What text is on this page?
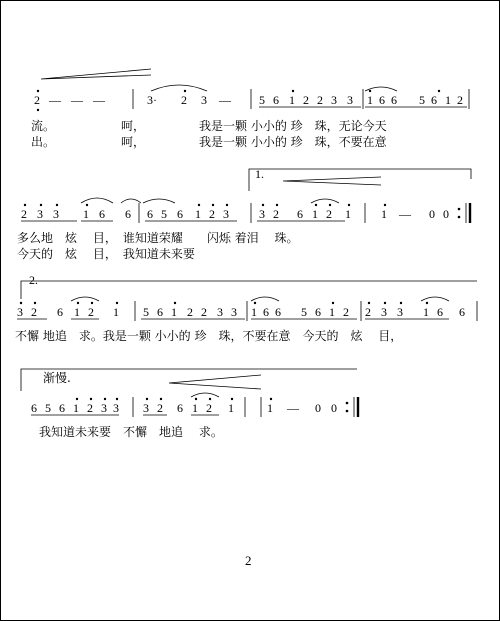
2 — — —	3· 2 3 — 5 6 1 2 2 3 3 1 6 6 5 6 1 2
流。　　　　　　呵，　　　　　我是一颗 小小的 珍　珠，无论今天
出。　　　　　　呵，　　　　　我是一颗 小小的 珍　珠，不要在意
1.
2 3 3 1 6 6 6 5 6 1 2 3	3 2 6 1 2 1	1 — 0 0
多么地　炫　 目，　谁知道荣耀　　闪烁 着泪　 珠。
今天的　炫　 目，　我知道未来要
2.
3 2 6 1 2 1 5 6 1 2 2 3 3 1 6 6 5 6 1 2 2 3 3 1 6 6
不懈 地追　求。我是一颗 小小的 珍　珠，不要在意　今天的　炫　 目，
渐慢.
6 5 6 1 2 3 3 3 2 6 1 2 1	1 — 0 0
　我知道未来要　不懈　地追　 求。
2
